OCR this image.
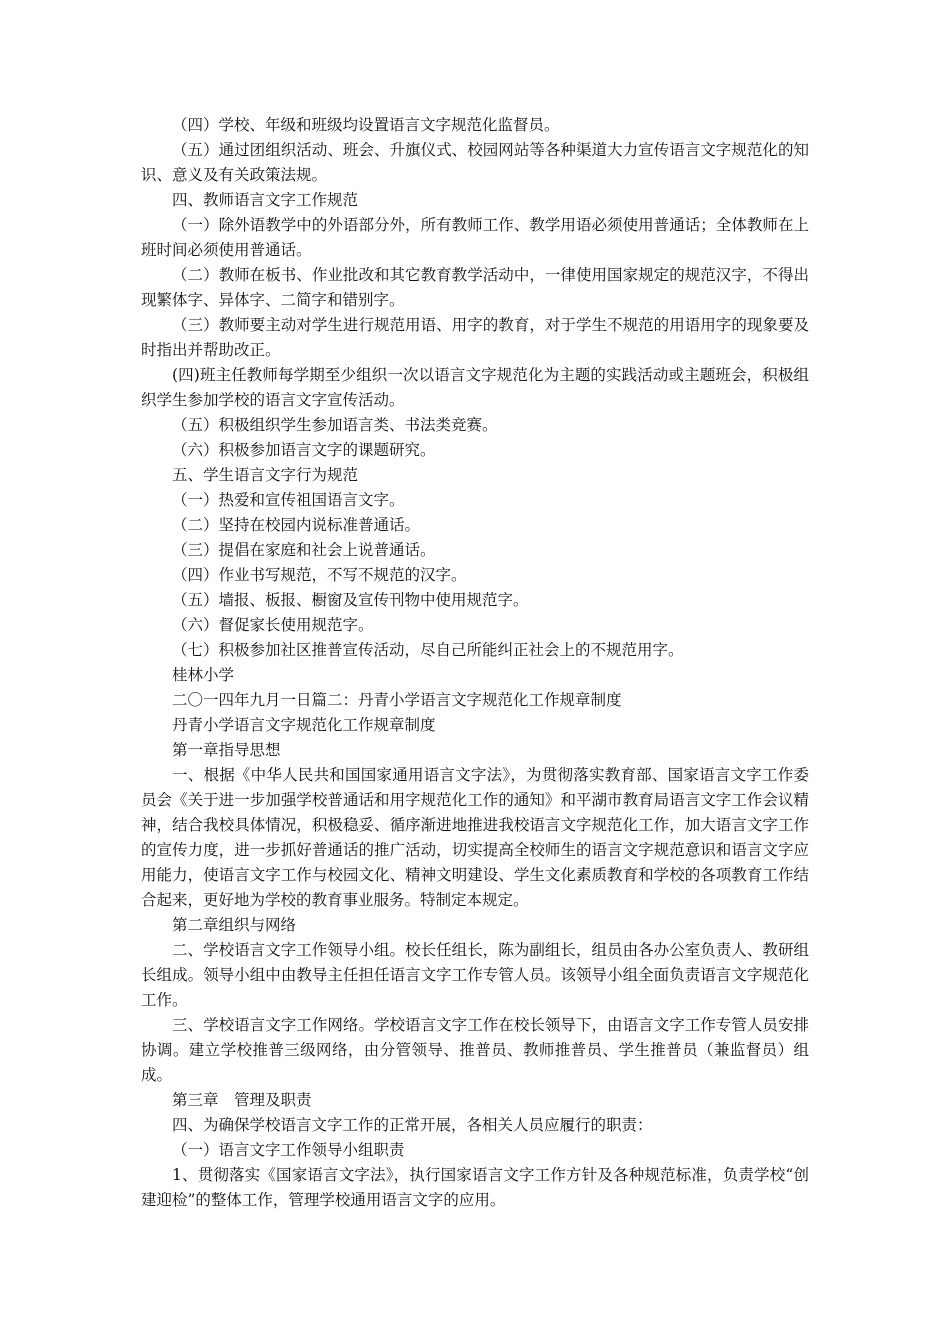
（四）学校、年级和班级均设置语言文字规范化监督员。

（五）通过团组织活动、班会、升旗仪式、校园网站等各种渠道大力宣传语言文字规范化的知识、意义及有关政策法规。

四、教师语言文字工作规范

（一）除外语教学中的外语部分外，所有教师工作、教学用语必须使用普通话；全体教师在上班时间必须使用普通话。

（二）教师在板书、作业批改和其它教育教学活动中，一律使用国家规定的规范汉字，不得出现繁体字、异体字、二简字和错别字。

（三）教师要主动对学生进行规范用语、用字的教育，对于学生不规范的用语用字的现象要及时指出并帮助改正。

(四)班主任教师每学期至少组织一次以语言文字规范化为主题的实践活动或主题班会，积极组织学生参加学校的语言文字宣传活动。

（五）积极组织学生参加语言类、书法类竞赛。

（六）积极参加语言文字的课题研究。

五、学生语言文字行为规范

（一）热爱和宣传祖国语言文字。

（二）坚持在校园内说标准普通话。

（三）提倡在家庭和社会上说普通话。

（四）作业书写规范，不写不规范的汉字。

（五）墙报、板报、橱窗及宣传刊物中使用规范字。

（六）督促家长使用规范字。

（七）积极参加社区推普宣传活动，尽自己所能纠正社会上的不规范用字。

桂林小学

二〇一四年九月一日篇二：丹青小学语言文字规范化工作规章制度

丹青小学语言文字规范化工作规章制度

第一章指导思想

一、根据《中华人民共和国国家通用语言文字法》，为贯彻落实教育部、国家语言文字工作委员会《关于进一步加强学校普通话和用字规范化工作的通知》和平湖市教育局语言文字工作会议精神，结合我校具体情况，积极稳妥、循序渐进地推进我校语言文字规范化工作，加大语言文字工作的宣传力度，进一步抓好普通话的推广活动，切实提高全校师生的语言文字规范意识和语言文字应用能力，使语言文字工作与校园文化、精神文明建设、学生文化素质教育和学校的各项教育工作结合起来，更好地为学校的教育事业服务。特制定本规定。

第二章组织与网络

二、学校语言文字工作领导小组。校长任组长，陈为副组长，组员由各办公室负责人、教研组长组成。领导小组中由教导主任担任语言文字工作专管人员。该领导小组全面负责语言文字规范化工作。

三、学校语言文字工作网络。学校语言文字工作在校长领导下，由语言文字工作专管人员安排协调。建立学校推普三级网络，由分管领导、推普员、教师推普员、学生推普员（兼监督员）组成。

第三章　管理及职责

四、为确保学校语言文字工作的正常开展，各相关人员应履行的职责：

（一）语言文字工作领导小组职责

1、贯彻落实《国家语言文字法》，执行国家语言文字工作方针及各种规范标准，负责学校“创建迎检”的整体工作，管理学校通用语言文字的应用。
